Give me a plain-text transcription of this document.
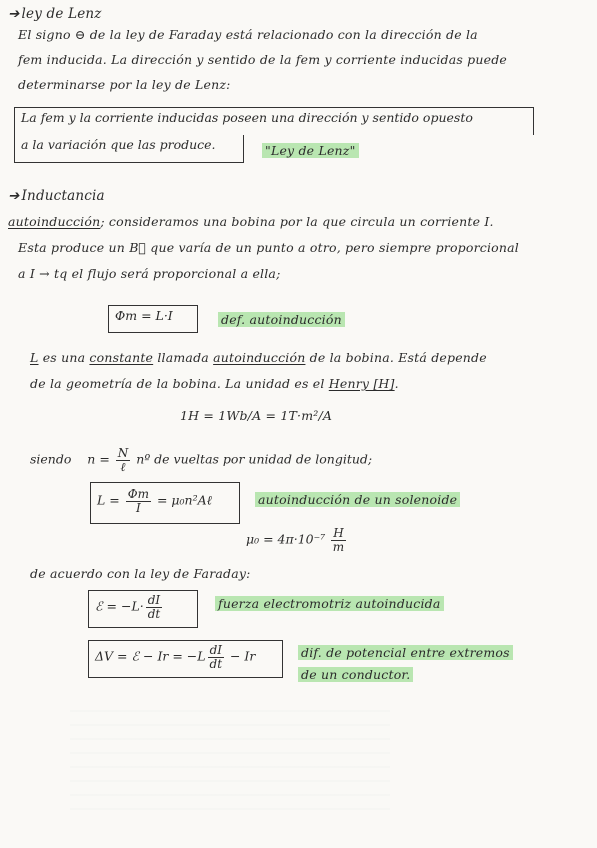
➔ ley de Lenz
El signo ⊖ de la ley de Faraday está relacionado con la dirección de la
fem inducida. La dirección y sentido de la fem y corriente inducidas puede
determinarse por la ley de Lenz:
La fem y la corriente inducidas poseen una dirección y sentido opuesto
a la variación que las produce.	"Ley de Lenz"
➔ Inductancia
autoinducción; consideramos una bobina por la que circula un corriente I.
Esta produce un B⃗ que varía de un punto a otro, pero siempre proporcional
a I → tq el flujo será proporcional a ella;
Φm = L·I	def. autoinducción
L es una constante llamada autoinducción de la bobina. Está depende
de la geometría de la bobina. La unidad es el Henry [H].
1H = 1Wb/A = 1T·m²/A
siendo $n = \frac{N}{\text{ℓ}}$ nº de vueltas por unidad de longitud;
$L = \frac{\Phi m}{I}$ = μ₀n²Aℓ	autoinducción de un solenoide
$\mu_0 = 4\pi\cdot 10^{-7} \frac{H}{m}$
de acuerdo con la ley de Faraday:
ℰ = $-L\cdot \frac{dI}{dt}$	fuerza electromotriz autoinducida
ΔV = ℰ − $Ir = -L \frac{dI}{dt} - Ir$	dif. de potencial entre extremos
de un conductor.
